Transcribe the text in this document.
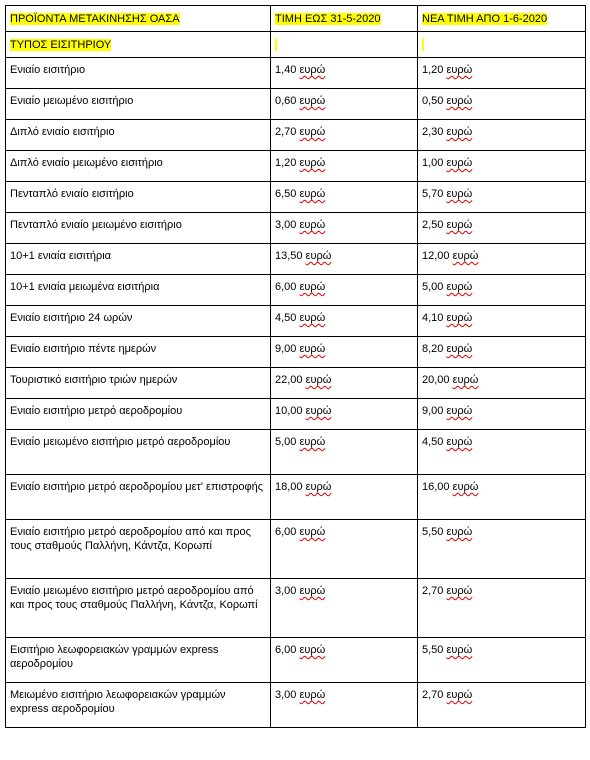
ΠΡΟΪΟΝΤΑ ΜΕΤΑΚΙΝΗΣΗΣ ΟΑΣΑ	ΤΙΜΗ ΕΩΣ 31-5-2020	ΝΕΑ ΤΙΜΗ ΑΠΟ 1-6-2020
ΤΥΠΟΣ ΕΙΣΙΤΗΡΙΟΥ		
Ενιαίο εισιτήριο	1,40 ευρώ	1,20 ευρώ
Ενιαίο μειωμένο εισιτήριο	0,60 ευρώ	0,50 ευρώ
Διπλό ενιαίο εισιτήριο	2,70 ευρώ	2,30 ευρώ
Διπλό ενιαίο μειωμένο εισιτήριο	1,20 ευρώ	1,00 ευρώ
Πενταπλό ενιαίο εισιτήριο	6,50 ευρώ	5,70 ευρώ
Πενταπλό ενιαίο μειωμένο εισιτήριο	3,00 ευρώ	2,50 ευρώ
10+1 ενιαία εισιτήρια	13,50 ευρώ	12,00 ευρώ
10+1 ενιαία μειωμένα εισιτήρια	6,00 ευρώ	5,00 ευρώ
Ενιαίο εισιτήριο 24 ωρών	4,50 ευρώ	4,10 ευρώ
Ενιαίο εισιτήριο πέντε ημερών	9,00 ευρώ	8,20 ευρώ
Τουριστικό εισιτήριο τριών ημερών	22,00 ευρώ	20,00 ευρώ
Ενιαίο εισιτήριο μετρό αεροδρομίου	10,00 ευρώ	9,00 ευρώ
Ενιαίο μειωμένο εισιτήριο μετρό αεροδρομίου	5,00 ευρώ	4,50 ευρώ
Ενιαίο εισιτήριο μετρό αεροδρομίου μετ' επιστροφής	18,00 ευρώ	16,00 ευρώ
Ενιαίο εισιτήριο μετρό αεροδρομίου από και προς τους σταθμούς Παλλήνη, Κάντζα, Κορωπί	6,00 ευρώ	5,50 ευρώ
Ενιαίο μειωμένο εισιτήριο μετρό αεροδρομίου από και προς τους σταθμούς Παλλήνη, Κάντζα, Κορωπί	3,00 ευρώ	2,70 ευρώ
Εισιτήριο λεωφορειακών γραμμών express αεροδρομίου	6,00 ευρώ	5,50 ευρώ
Μειωμένο εισιτήριο λεωφορειακών γραμμών express αεροδρομίου	3,00 ευρώ	2,70 ευρώ
